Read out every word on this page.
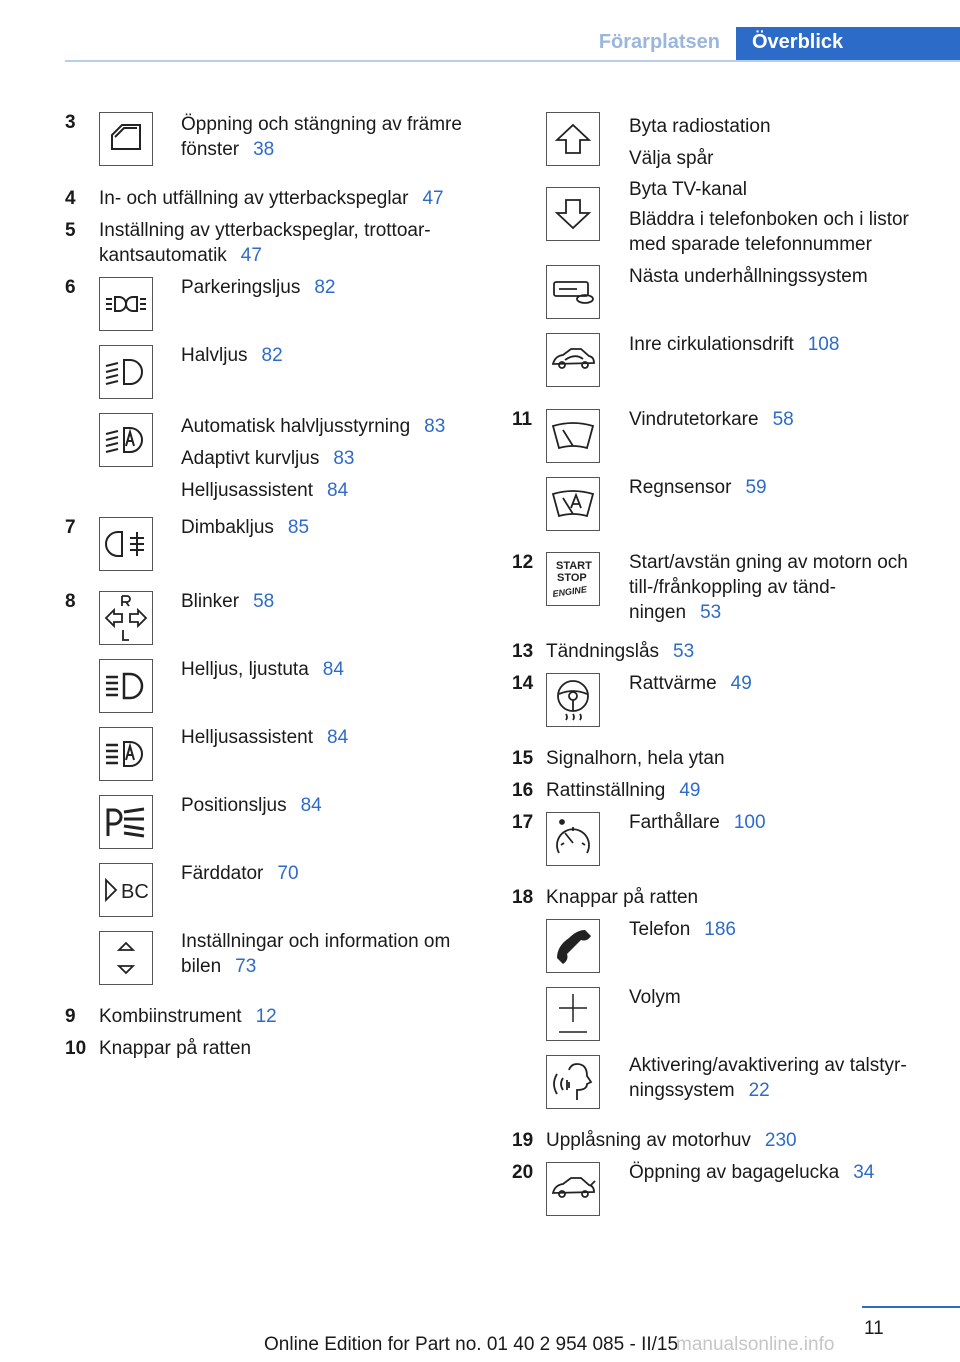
Förarplatsen	Överblick
3	Öppning och stängning av främre fönster 38
4 In- och utfällning av ytterbackspeglar 47
5 Inställning av ytterbackspeglar, trottoar-
kantsautomatik 47
6	Parkeringsljus 82
Halvljus 82
Automatisk halvljusstyrning 83
Adaptivt kurvljus 83
Helljusassistent 84
7	Dimbakljus 85
8	Blinker 58
Helljus, ljustuta 84
Helljusassistent 84
Positionsljus 84
BC
Färddator 70
Inställningar och information om
bilen 73
9 Kombiinstrument 12
10 Knappar på ratten
Byta radiostation
Välja spår
Byta TV-kanal
Bläddra i telefonboken och i listor
med sparade telefonnummer
Nästa underhållningssystem
Inre cirkulationsdrift 108
11	Vindrutetorkare 58
Regnsensor 59
12 START
STOP
ENGINE
Start/avstän gning av motorn och
till-/frånkoppling av tänd-
ningen 53
13 Tändningslås 53
14	Rattvärme 49
15 Signalhorn, hela ytan
16 Rattinställning 49
17	Farthållare 100
18 Knappar på ratten
Telefon 186
Volym
Aktivering/avaktivering av talstyr-
ningssystem 22
19 Upplåsning av motorhuv 230
20	Öppning av bagagelucka 34
11
Online Edition for Part no. 01 40 2 954 085 - II/15
manualsonline.info
